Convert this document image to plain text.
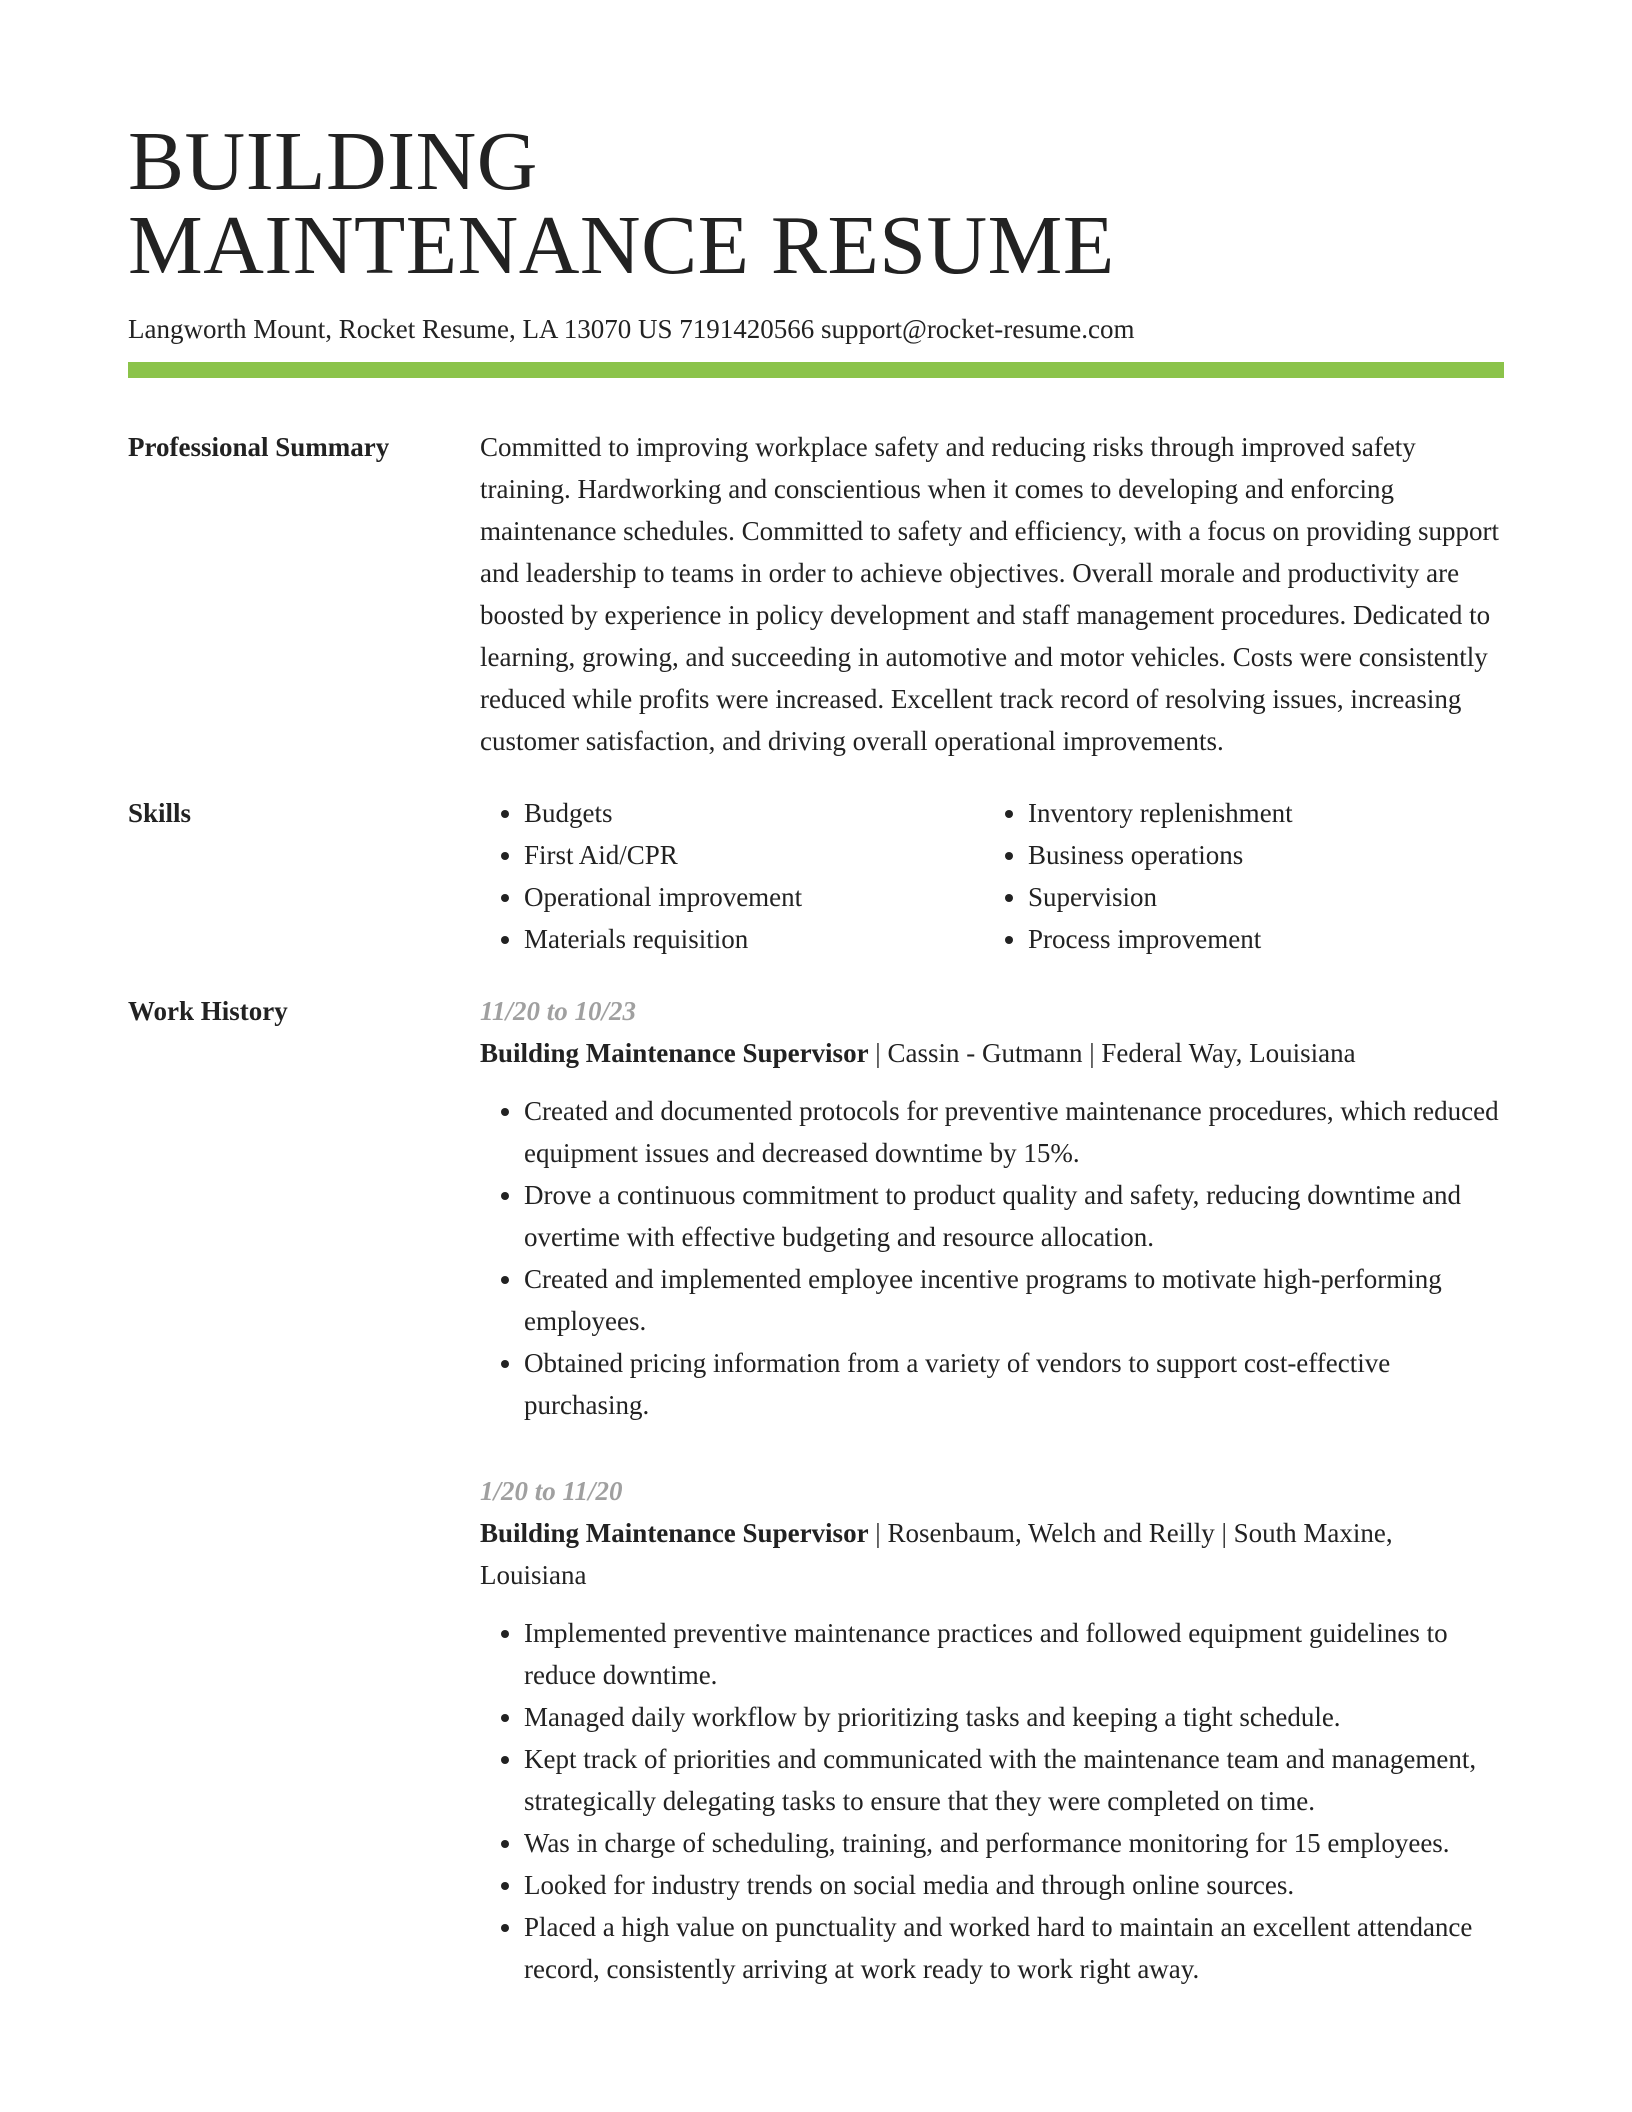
BUILDING
MAINTENANCE RESUME
Langworth Mount, Rocket Resume, LA 13070 US 7191420566 support@rocket-resume.com
Professional Summary	Committed to improving workplace safety and reducing risks through improved safety training. Hardworking and conscientious when it comes to developing and enforcing maintenance schedules. Committed to safety and efficiency, with a focus on providing support and leadership to teams in order to achieve objectives. Overall morale and productivity are boosted by experience in policy development and staff management procedures. Dedicated to learning, growing, and succeeding in automotive and motor vehicles. Costs were consistently reduced while profits were increased. Excellent track record of resolving issues, increasing customer satisfaction, and driving overall operational improvements.

Skills
•	Budgets
• First Aid/CPR
• Operational improvement
• Materials requisition
• Inventory replenishment
• Business operations
• Supervision
• Process improvement
Work History	11/20 to 10/23
Building Maintenance Supervisor | Cassin - Gutmann | Federal Way, Louisiana
• Created and documented protocols for preventive maintenance procedures, which reduced equipment issues and decreased downtime by 15%.
• Drove a continuous commitment to product quality and safety, reducing downtime and overtime with effective budgeting and resource allocation.
• Created and implemented employee incentive programs to motivate high-performing employees.
• Obtained pricing information from a variety of vendors to support cost-effective purchasing.
1/20 to 11/20
Building Maintenance Supervisor | Rosenbaum, Welch and Reilly | South Maxine, Louisiana
• Implemented preventive maintenance practices and followed equipment guidelines to reduce downtime.
• Managed daily workflow by prioritizing tasks and keeping a tight schedule.
• Kept track of priorities and communicated with the maintenance team and management, strategically delegating tasks to ensure that they were completed on time.
• Was in charge of scheduling, training, and performance monitoring for 15 employees.
• Looked for industry trends on social media and through online sources.
• Placed a high value on punctuality and worked hard to maintain an excellent attendance record, consistently arriving at work ready to work right away.
